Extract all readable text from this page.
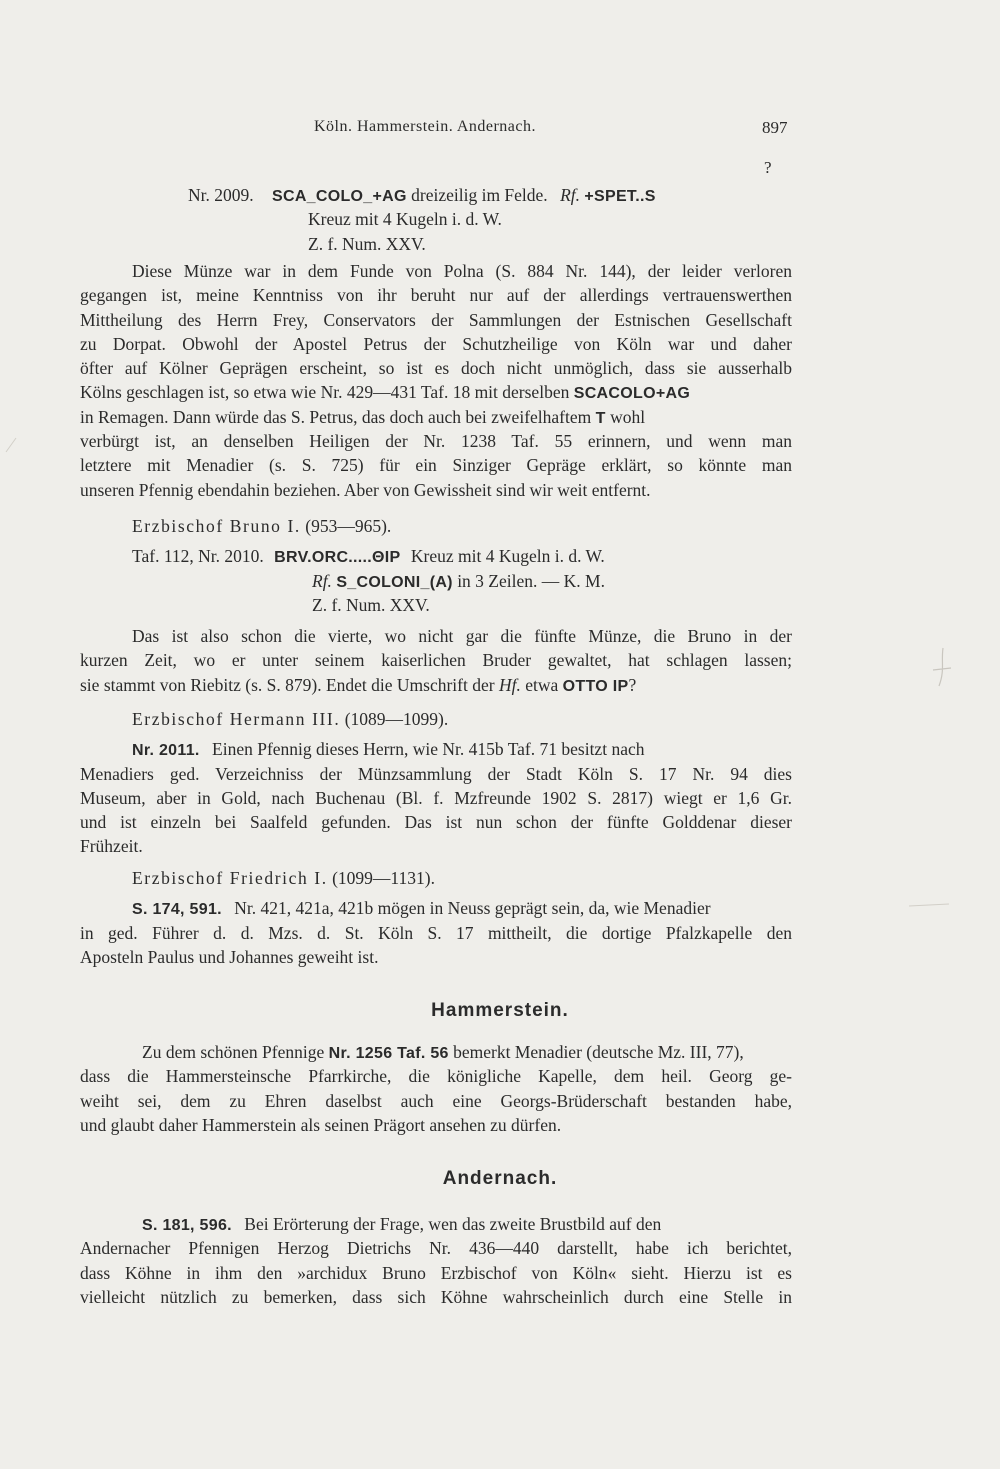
Köln. Hammerstein. Andernach.	897
?
Nr. 2009. SCA_COLO_+AG dreizeilig im Felde. Rf. +SPET..S
Kreuz mit 4 Kugeln i. d. W.
Z. f. Num. XXV.
Diese Münze war in dem Funde von Polna (S. 884 Nr. 144), der leider verloren
gegangen ist, meine Kenntniss von ihr beruht nur auf der allerdings vertrauenswerthen
Mittheilung des Herrn Frey, Conservators der Sammlungen der Estnischen Gesellschaft
zu Dorpat. Obwohl der Apostel Petrus der Schutzheilige von Köln war und daher
öfter auf Kölner Geprägen erscheint, so ist es doch nicht unmöglich, dass sie ausserhalb
Kölns geschlagen ist, so etwa wie Nr. 429—431 Taf. 18 mit derselben SCACOLO+AG
in Remagen. Dann würde das S. Petrus, das doch auch bei zweifelhaftem T wohl
verbürgt ist, an denselben Heiligen der Nr. 1238 Taf. 55 erinnern, und wenn man
letztere mit Menadier (s. S. 725) für ein Sinziger Gepräge erklärt, so könnte man
unseren Pfennig ebendahin beziehen. Aber von Gewissheit sind wir weit entfernt.
Erzbischof Bruno I. (953—965).
Taf. 112, Nr. 2010. BRV.ORC.....ΘIP Kreuz mit 4 Kugeln i. d. W.
Rf. S_COLONI_(A) in 3 Zeilen. — K. M.
Z. f. Num. XXV.
Das ist also schon die vierte, wo nicht gar die fünfte Münze, die Bruno in der
kurzen Zeit, wo er unter seinem kaiserlichen Bruder gewaltet, hat schlagen lassen;
sie stammt von Riebitz (s. S. 879). Endet die Umschrift der Hf. etwa OTTO IP?
Erzbischof Hermann III. (1089—1099).
Nr. 2011. Einen Pfennig dieses Herrn, wie Nr. 415b Taf. 71 besitzt nach
Menadiers ged. Verzeichniss der Münzsammlung der Stadt Köln S. 17 Nr. 94 dies
Museum, aber in Gold, nach Buchenau (Bl. f. Mzfreunde 1902 S. 2817) wiegt er 1,6 Gr.
und ist einzeln bei Saalfeld gefunden. Das ist nun schon der fünfte Golddenar dieser
Frühzeit.
Erzbischof Friedrich I. (1099—1131).
S. 174, 591. Nr. 421, 421a, 421b mögen in Neuss geprägt sein, da, wie Menadier
in ged. Führer d. d. Mzs. d. St. Köln S. 17 mittheilt, die dortige Pfalzkapelle den
Aposteln Paulus und Johannes geweiht ist.
Hammerstein.
Zu dem schönen Pfennige Nr. 1256 Taf. 56 bemerkt Menadier (deutsche Mz. III, 77),
dass die Hammersteinsche Pfarrkirche, die königliche Kapelle, dem heil. Georg ge-
weiht sei, dem zu Ehren daselbst auch eine Georgs-Brüderschaft bestanden habe,
und glaubt daher Hammerstein als seinen Prägort ansehen zu dürfen.
Andernach.
S. 181, 596. Bei Erörterung der Frage, wen das zweite Brustbild auf den
Andernacher Pfennigen Herzog Dietrichs Nr. 436—440 darstellt, habe ich berichtet,
dass Köhne in ihm den »archidux Bruno Erzbischof von Köln« sieht. Hierzu ist es
vielleicht nützlich zu bemerken, dass sich Köhne wahrscheinlich durch eine Stelle in
